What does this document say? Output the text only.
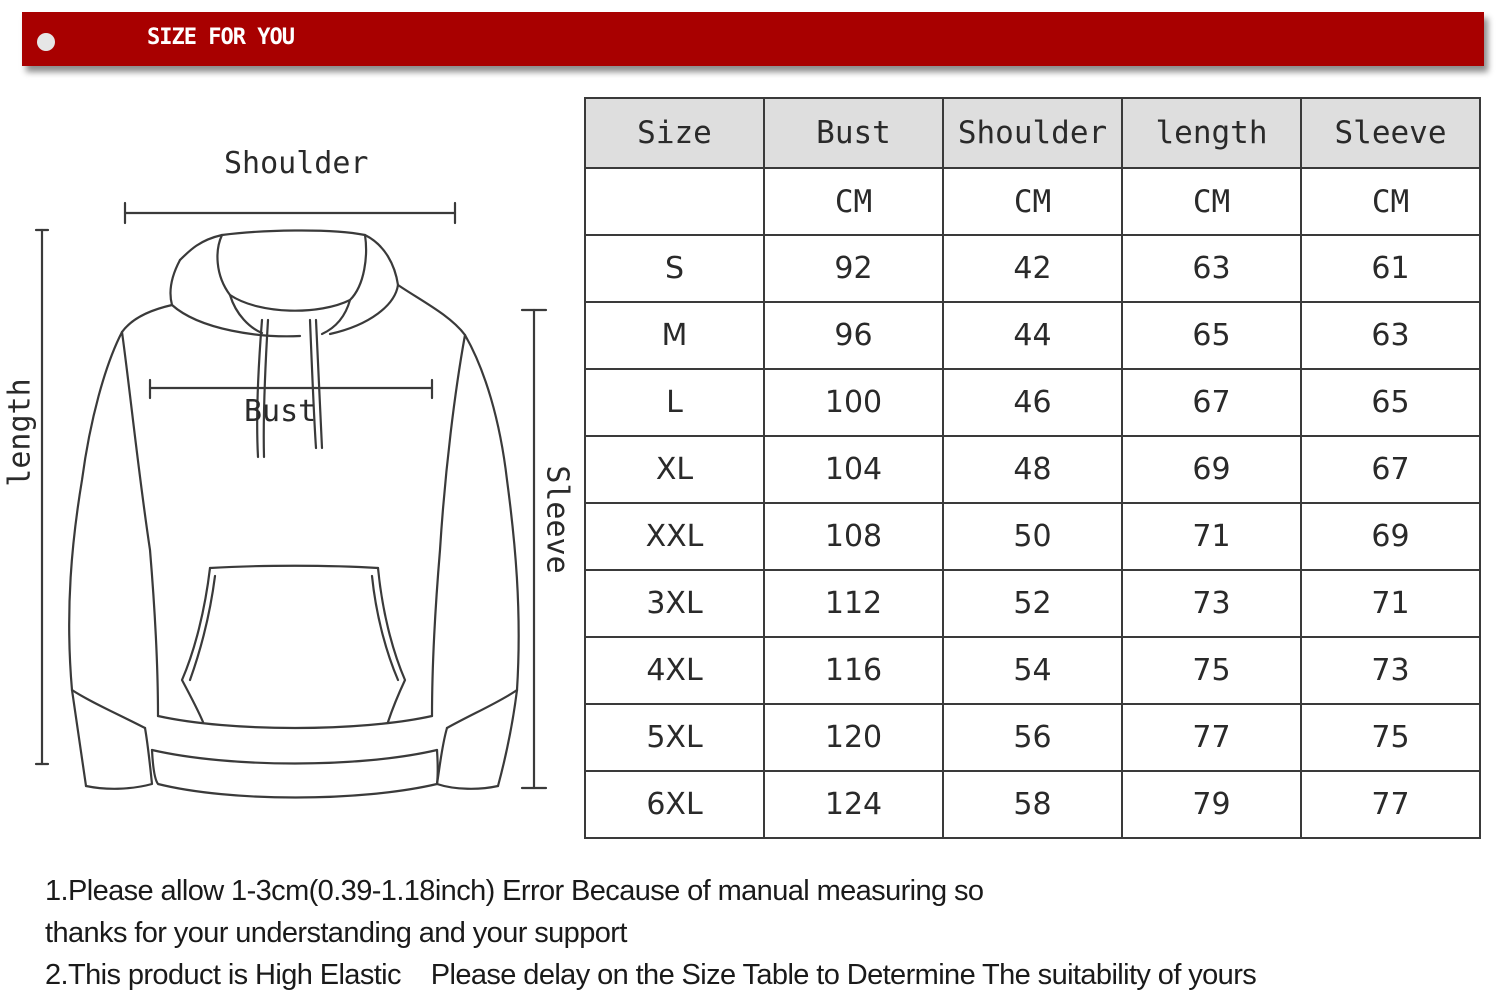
SIZE FOR YOU
Shoulder
Bust
length
Sleeve
Size	Bust	Shoulder	length	Sleeve
	CM	CM	CM	CM
S	92	42	63	61
M	96	44	65	63
L	100	46	67	65
XL	104	48	69	67
XXL	108	50	71	69
3XL	112	52	73	71
4XL	116	54	75	73
5XL	120	56	77	75
6XL	124	58	79	77
1.Please allow 1-3cm(0.39-1.18inch) Error Because of manual measuring so
thanks for your understanding and your support
2.This product is High Elastic    Please delay on the Size Table to Determine The suitability of yours
